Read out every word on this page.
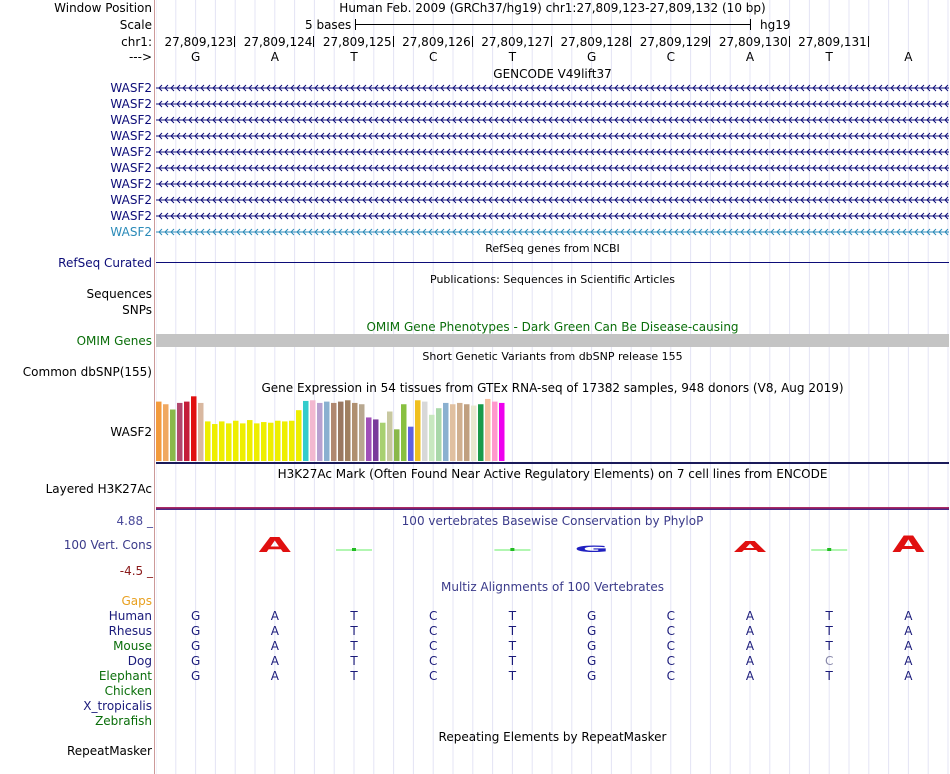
Window Position	Human Feb. 2009 (GRCh37/hg19) chr1:27,809,123-27,809,132 (10 bp)
Scale	5 bases	hg19
chr1: 27,809,123 27,809,124 27,809,125 27,809,126 27,809,127 27,809,128 27,809,129 27,809,130 27,809,131
--->	G	A	T	C	T	G	C	A	T	A
GENCODE V49lift37
WASF2
WASF2
WASF2
WASF2
WASF2
WASF2
WASF2
WASF2
WASF2
WASF2
RefSeq genes from NCBI
RefSeq Curated
Publications: Sequences in Scientific Articles
Sequences
SNPs
OMIM Gene Phenotypes - Dark Green Can Be Disease-causing
OMIM Genes
Short Genetic Variants from dbSNP release 155
Common dbSNP(155)
Gene Expression in 54 tissues from GTEx RNA-seq of 17382 samples, 948 donors (V8, Aug 2019)
WASF2
H3K27Ac Mark (Often Found Near Active Regulatory Elements) on 7 cell lines from ENCODE
Layered H3K27Ac
100 vertebrates Basewise Conservation by PhyloP
4.88 _
100 Vert. Cons
-4.5 _
A	G	A	A
Multiz Alignments of 100 Vertebrates
Gaps
Human	G	A	T	C	T	G	C	A	T	A
Rhesus	G	A	T	C	T	G	C	A	T	A
Mouse	G	A	T	C	T	G	C	A	T	A
Dog	G	A	T	C	T	G	C	A	C	A
Elephant	G	A	T	C	T	G	C	A	T	A
Chicken
X_tropicalis
Zebrafish
Repeating Elements by RepeatMasker
RepeatMasker
